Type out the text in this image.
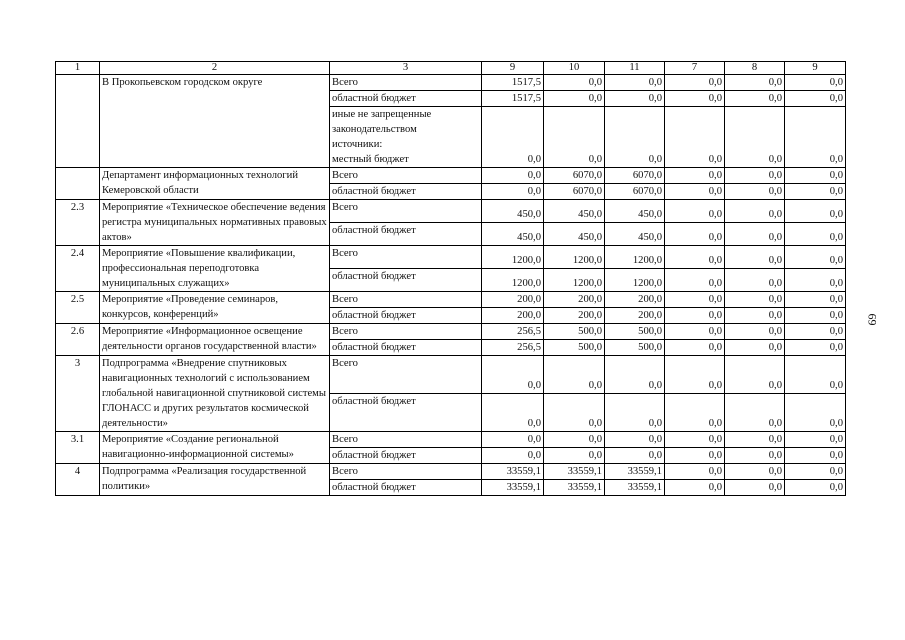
1	2	3	9	10	11	7	8	9
	В Прокопьевском городском округе	Всего	1517,5	0,0	0,0	0,0	0,0	0,0

		областной бюджет	1517,5	0,0	0,0	0,0	0,0	0,0

		иные не запрещенные
законодательством
источники:
местный бюджет	0,0	0,0	0,0	0,0	0,0	0,0
	Департамент информационных технологий Кемеровской области	Всего	0,0	6070,0	6070,0	0,0	0,0	0,0

		областной бюджет	0,0	6070,0	6070,0	0,0	0,0	0,0
2.3	Мероприятие «Техническое обеспечение ведения регистра муниципальных нормативных правовых актов»	Всего	450,0	450,0	450,0	0,0	0,0	0,0

		областной бюджет	450,0	450,0	450,0	0,0	0,0	0,0
2.4	Мероприятие «Повышение квалификации, профессиональная переподготовка муниципальных служащих»	Всего	1200,0	1200,0	1200,0	0,0	0,0	0,0

		областной бюджет	1200,0	1200,0	1200,0	0,0	0,0	0,0
2.5	Мероприятие «Проведение семинаров, конкурсов, конференций»	Всего	200,0	200,0	200,0	0,0	0,0	0,0

		областной бюджет	200,0	200,0	200,0	0,0	0,0	0,0
2.6	Мероприятие «Информационное освещение деятельности органов государственной власти»	Всего	256,5	500,0	500,0	0,0	0,0	0,0

		областной бюджет	256,5	500,0	500,0	0,0	0,0	0,0
3	Подпрограмма «Внедрение спутниковых навигационных технологий с использованием глобальной навигационной спутниковой системы ГЛОНАСС и других результатов космической деятельности»	Всего	0,0	0,0	0,0	0,0	0,0	0,0

		областной бюджет	0,0	0,0	0,0	0,0	0,0	0,0
3.1	Мероприятие «Создание региональной навигационно-информационной системы»	Всего	0,0	0,0	0,0	0,0	0,0	0,0

		областной бюджет	0,0	0,0	0,0	0,0	0,0	0,0
4	Подпрограмма «Реализация государственной политики»	Всего	33559,1	33559,1	33559,1	0,0	0,0	0,0

		областной бюджет	33559,1	33559,1	33559,1	0,0	0,0	0,0
69
